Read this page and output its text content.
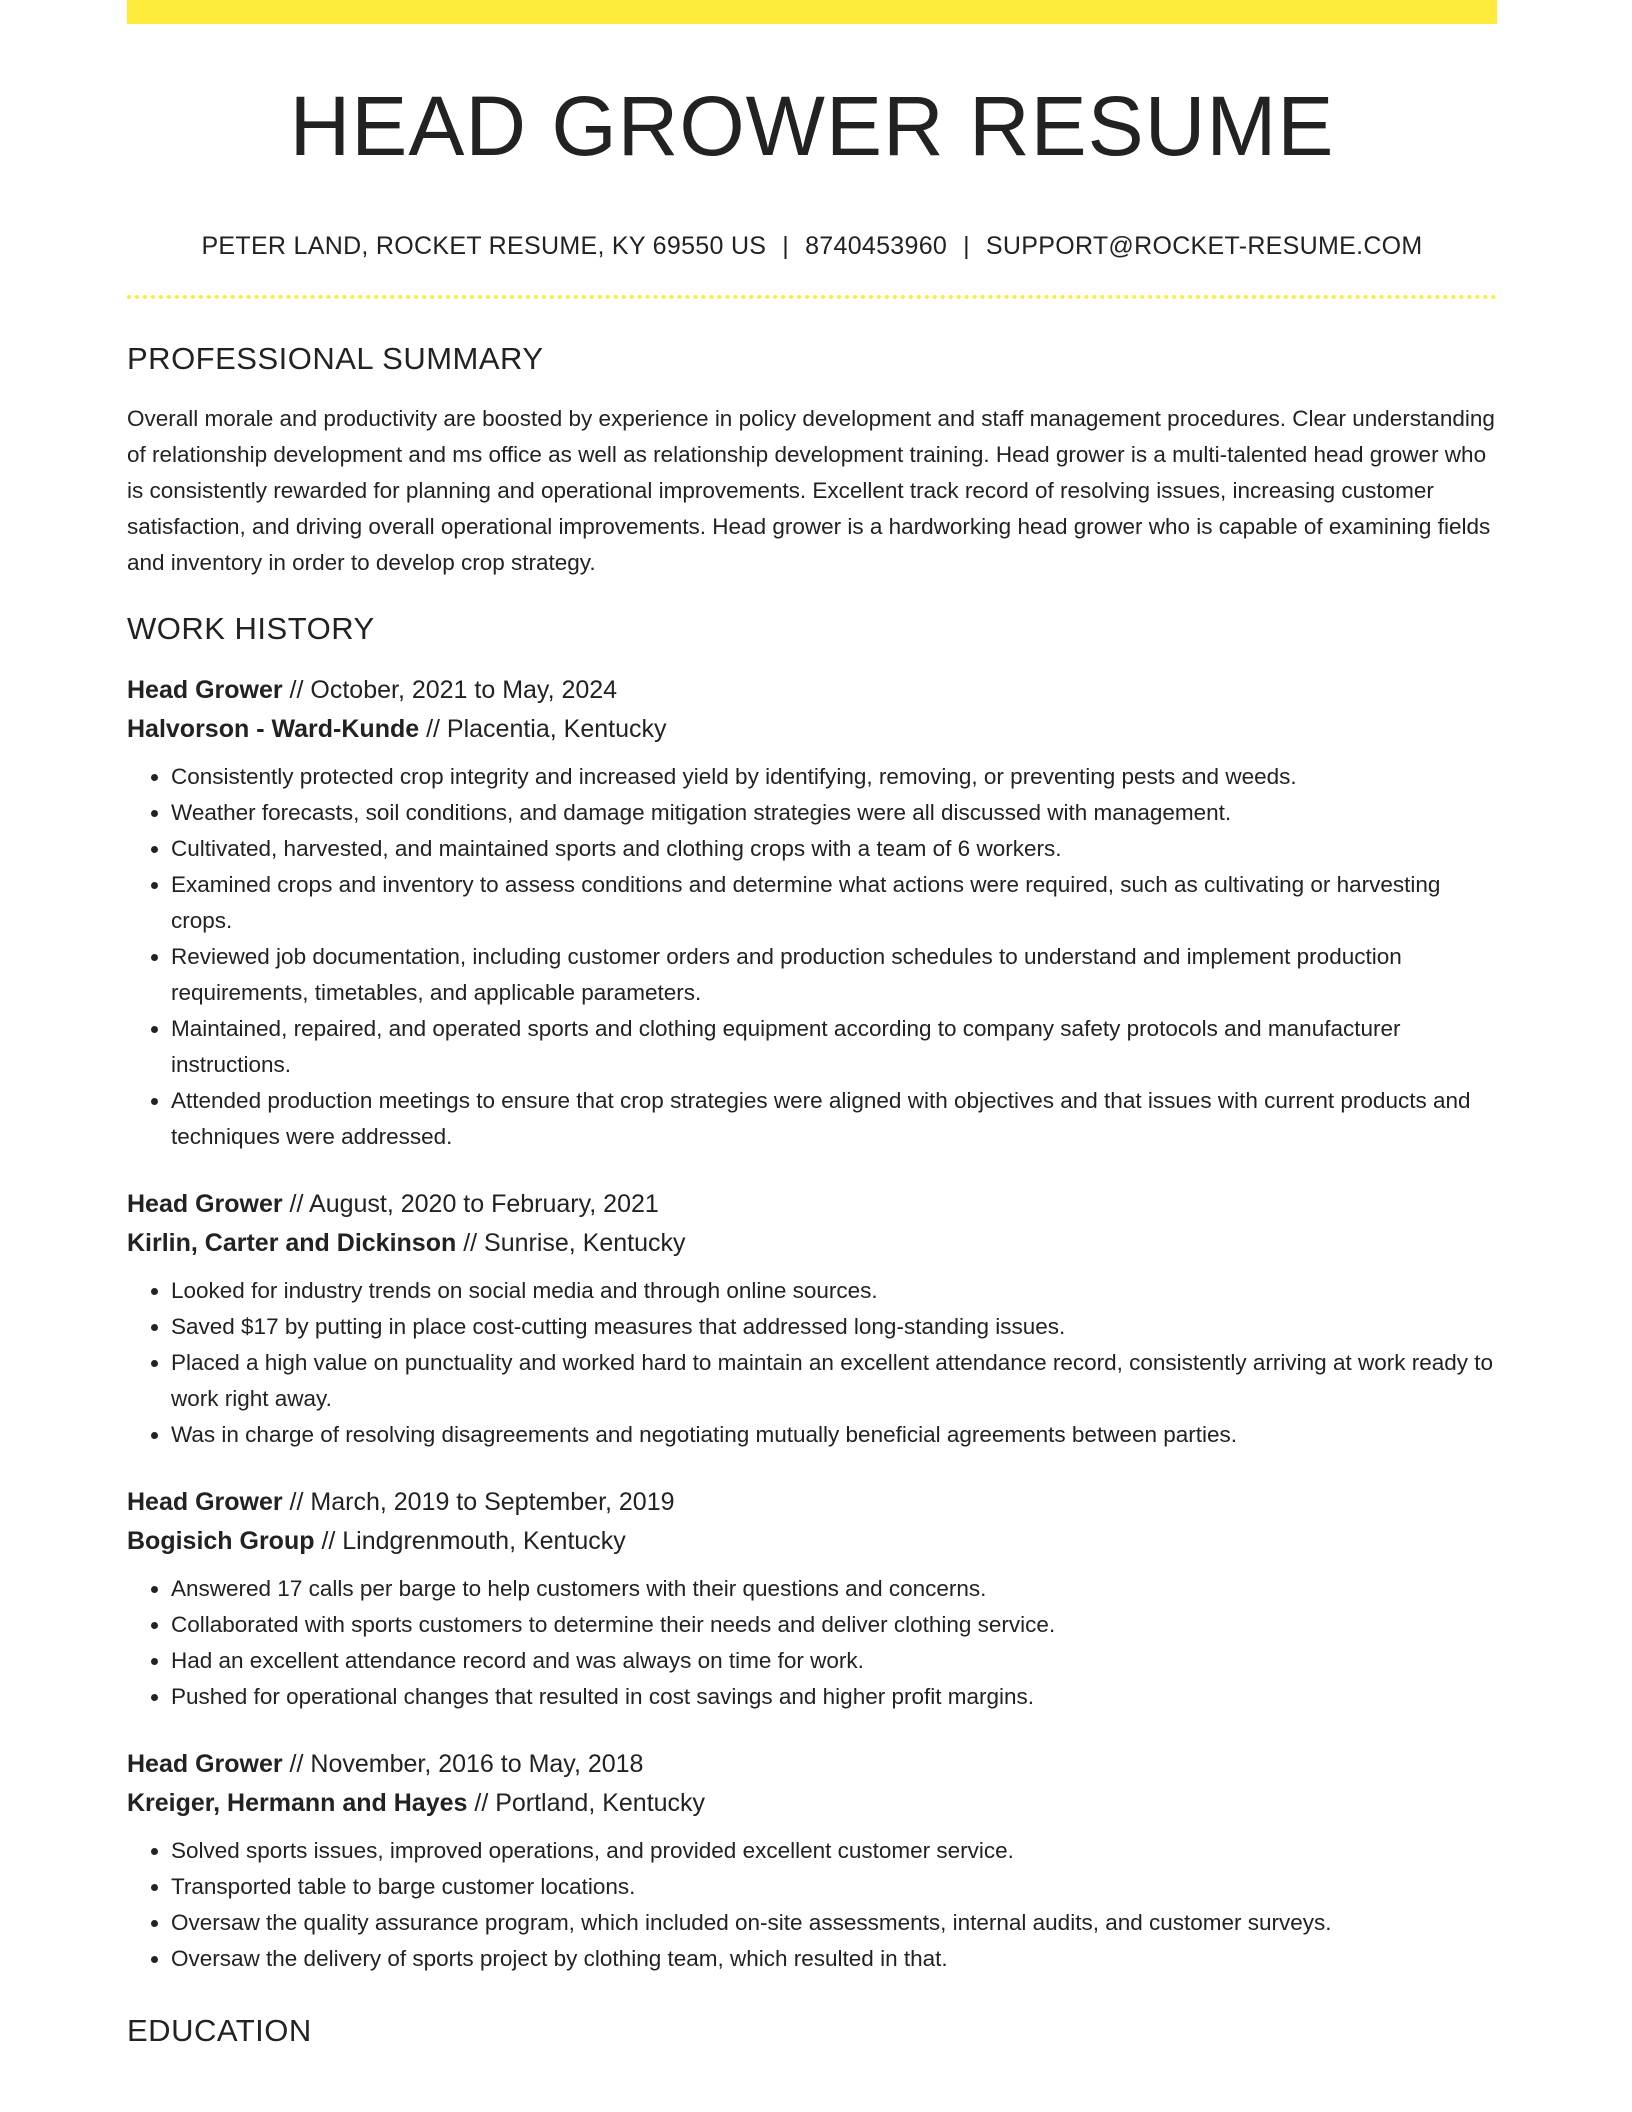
HEAD GROWER RESUME
PETER LAND, ROCKET RESUME, KY 69550 US | 8740453960 | SUPPORT@ROCKET-RESUME.COM
PROFESSIONAL SUMMARY
Overall morale and productivity are boosted by experience in policy development and staff management procedures. Clear understanding of relationship development and ms office as well as relationship development training. Head grower is a multi-talented head grower who is consistently rewarded for planning and operational improvements. Excellent track record of resolving issues, increasing customer satisfaction, and driving overall operational improvements. Head grower is a hardworking head grower who is capable of examining fields and inventory in order to develop crop strategy.
WORK HISTORY
Head Grower // October, 2021 to May, 2024
Halvorson - Ward-Kunde // Placentia, Kentucky
• Consistently protected crop integrity and increased yield by identifying, removing, or preventing pests and weeds.
• Weather forecasts, soil conditions, and damage mitigation strategies were all discussed with management.
• Cultivated, harvested, and maintained sports and clothing crops with a team of 6 workers.
• Examined crops and inventory to assess conditions and determine what actions were required, such as cultivating or harvesting crops.
• Reviewed job documentation, including customer orders and production schedules to understand and implement production requirements, timetables, and applicable parameters.
• Maintained, repaired, and operated sports and clothing equipment according to company safety protocols and manufacturer instructions.
• Attended production meetings to ensure that crop strategies were aligned with objectives and that issues with current products and techniques were addressed.
Head Grower // August, 2020 to February, 2021
Kirlin, Carter and Dickinson // Sunrise, Kentucky
• Looked for industry trends on social media and through online sources.
• Saved $17 by putting in place cost-cutting measures that addressed long-standing issues.
• Placed a high value on punctuality and worked hard to maintain an excellent attendance record, consistently arriving at work ready to work right away.
• Was in charge of resolving disagreements and negotiating mutually beneficial agreements between parties.
Head Grower // March, 2019 to September, 2019
Bogisich Group // Lindgrenmouth, Kentucky
• Answered 17 calls per barge to help customers with their questions and concerns.
• Collaborated with sports customers to determine their needs and deliver clothing service.
• Had an excellent attendance record and was always on time for work.
• Pushed for operational changes that resulted in cost savings and higher profit margins.
Head Grower // November, 2016 to May, 2018
Kreiger, Hermann and Hayes // Portland, Kentucky
• Solved sports issues, improved operations, and provided excellent customer service.
• Transported table to barge customer locations.
• Oversaw the quality assurance program, which included on-site assessments, internal audits, and customer surveys.
• Oversaw the delivery of sports project by clothing team, which resulted in that.
EDUCATION
